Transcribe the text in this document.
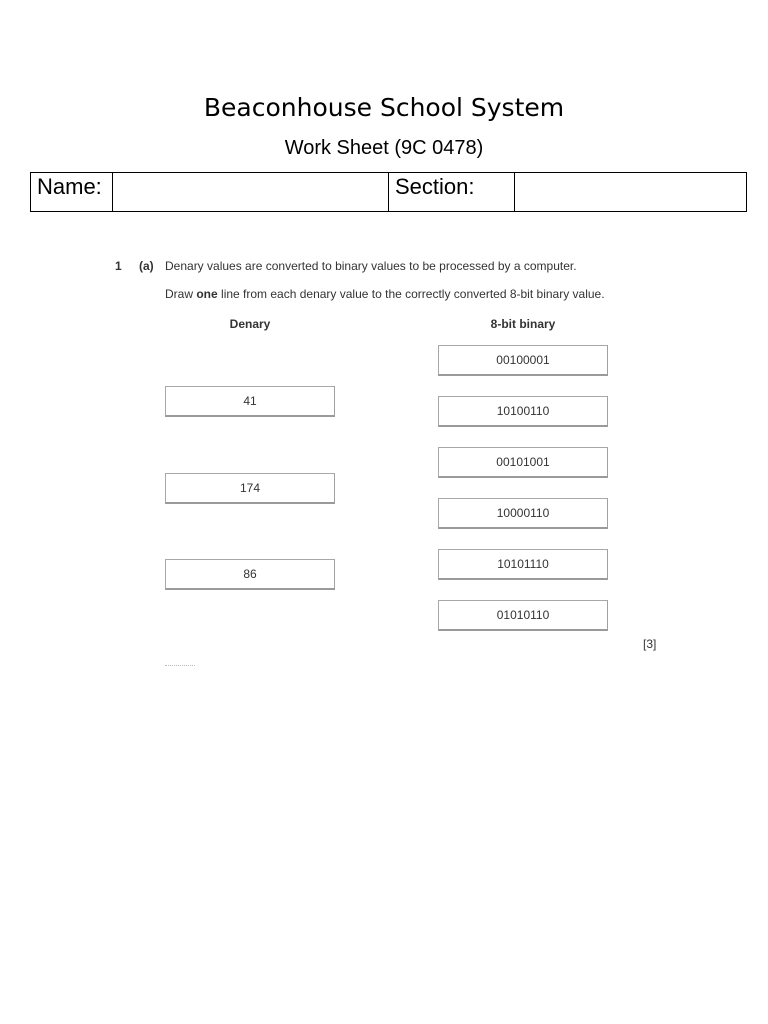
Beaconhouse School System
Work Sheet (9C 0478)
Name:		Section:	
1 (a) Denary values are converted to binary values to be processed by a computer.
Draw one line from each denary value to the correctly converted 8-bit binary value.
Denary	8-bit binary
41
174
86
00100001
10100110
00101001
10000110
10101110
01010110
[3]
